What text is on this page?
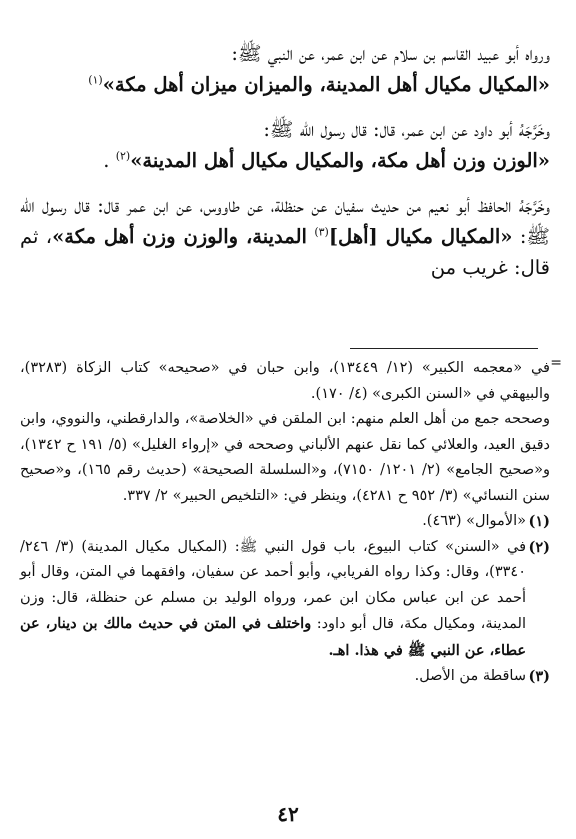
ورواه أبو عبيد القاسم بن سلام عن ابن عمر، عن النبي ﷺ:
«المكيال مكيال أهل المدينة، والميزان ميزان أهل مكة»$^{(١)}$

وخَرَّجَهُ أبو داود عن ابن عمر، قال: قال رسول الله ﷺ:
«الوزن وزن أهل مكة، والمكيال مكيال أهل المدينة»$^{(٢)}$ .

وخَرَّجَهُ الحافظ أبو نعيم من حديث سفيان عن حنظلة، عن طاووس، عن ابن عمر قال: قال رسول الله ﷺ: «المكيال مكيال [أهل]$^{(٣)}$ المدينة، والوزن وزن أهل مكة»، ثم قال: غريب من

=

في «معجمه الكبير» (١٢/ ١٣٤٤٩)، وابن حبان في «صحيحه» كتاب الزكاة (٣٢٨٣)، والبيهقي في «السنن الكبرى» (٤/ ١٧٠).

وصححه جمع من أهل العلم منهم: ابن الملقن في «الخلاصة»، والدارقطني، والنووي، وابن دقيق العيد، والعلائي كما نقل عنهم الألباني وصححه في «إرواء الغليل» (٥/ ١٩١ ح ١٣٤٢)، و«صحيح الجامع» (٢/ ١٢٠١/ ٧١٥٠)، و«السلسلة الصحيحة» (حديث رقم ١٦٥)، و«صحيح سنن النسائي» (٣/ ٩٥٢ ح ٤٢٨١)، وينظر في: «التلخيص الحبير» ٢/ ٣٣٧.

(١)
«الأموال» (٤٦٣).
(٢)
في «السنن» كتاب البيوع، باب قول النبي ﷺ: (المكيال مكيال المدينة) (٣/ ٢٤٦/ ٣٣٤٠)، وقال: وكذا رواه الفريابي، وأبو أحمد عن سفيان، وافقهما في المتن، وقال أبو أحمد عن ابن عباس مكان ابن عمر، ورواه الوليد بن مسلم عن حنظلة، قال: وزن المدينة، ومكيال مكة، قال أبو داود: واختلف في المتن في حديث مالك بن دينار، عن عطاء، عن النبي ﷺ في هذا. اهـ.
(٣)
ساقطة من الأصل.
٤٢
